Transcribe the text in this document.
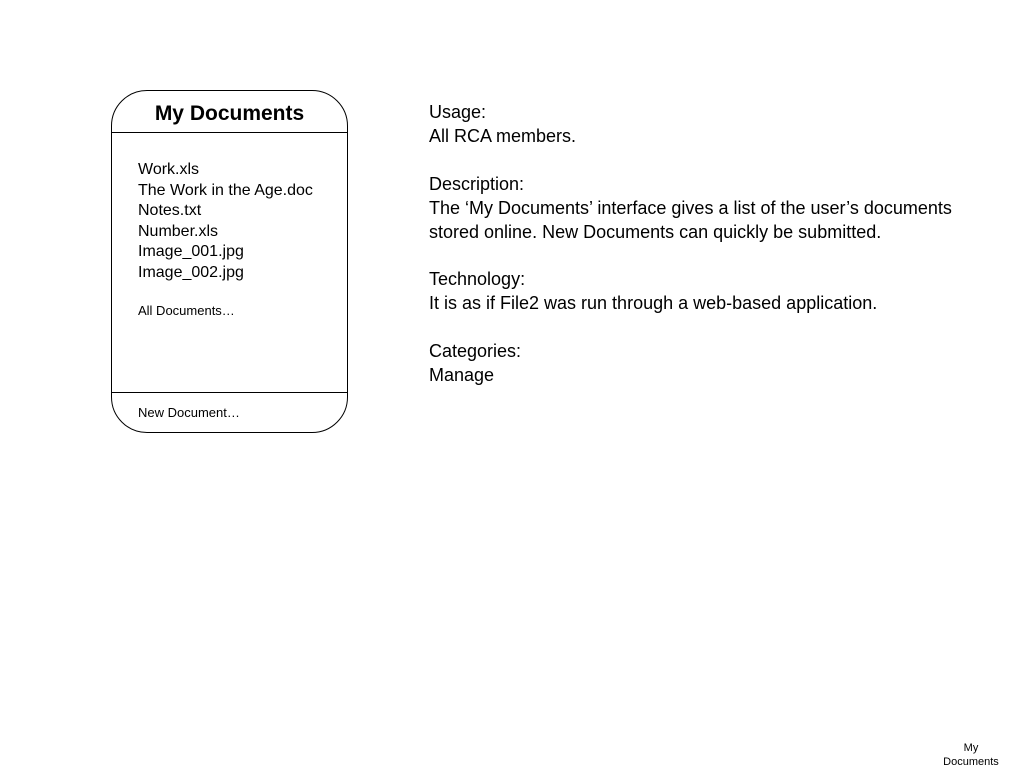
My Documents
Work.xls
The Work in the Age.doc
Notes.txt
Number.xls
Image_001.jpg
Image_002.jpg
All Documents…
New Document…
Usage:
All RCA members.
Description:
The ‘My Documents’ interface gives a list of the user’s documents stored online. New Documents can quickly be submitted.
Technology:
It is as if File2 was run through a web-based application.
Categories:
Manage
My
Documents
